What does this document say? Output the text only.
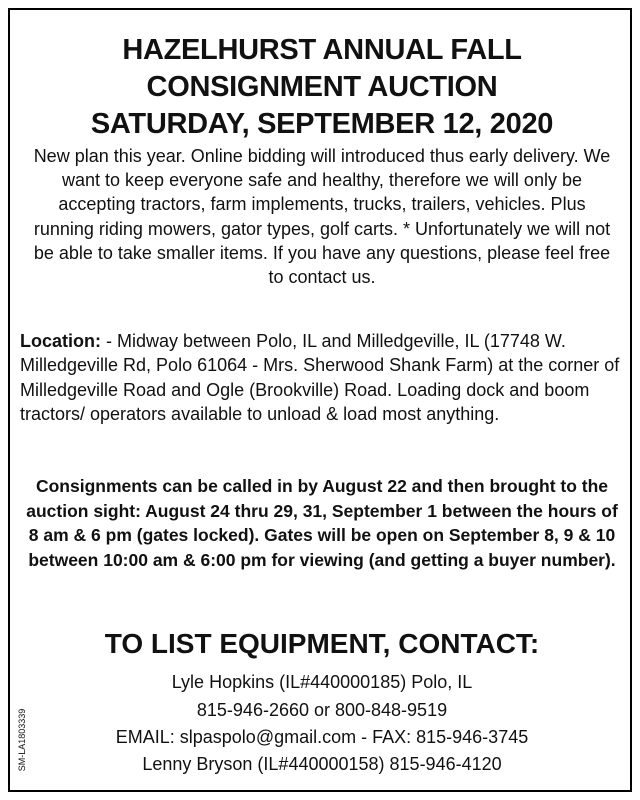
HAZELHURST ANNUAL FALL
CONSIGNMENT AUCTION
SATURDAY, SEPTEMBER 12, 2020
New plan this year. Online bidding will introduced thus early delivery. We want to keep everyone safe and healthy, therefore we will only be accepting tractors, farm implements, trucks, trailers, vehicles. Plus running riding mowers, gator types, golf carts. * Unfortunately we will not be able to take smaller items. If you have any questions, please feel free to contact us.
Location: - Midway between Polo, IL and Milledgeville, IL (17748 W. Milledgeville Rd, Polo 61064 - Mrs. Sherwood Shank Farm) at the corner of Milledgeville Road and Ogle (Brookville) Road. Loading dock and boom tractors/ operators available to unload & load most anything.
Consignments can be called in by August 22 and then brought to the auction sight: August 24 thru 29, 31, September 1 between the hours of 8 am & 6 pm (gates locked). Gates will be open on September 8, 9 & 10 between 10:00 am & 6:00 pm for viewing (and getting a buyer number).
TO LIST EQUIPMENT, CONTACT:
Lyle Hopkins (IL#440000185) Polo, IL
815-946-2660 or 800-848-9519
EMAIL: slpaspolo@gmail.com - FAX: 815-946-3745
Lenny Bryson (IL#440000158) 815-946-4120
SM-LA1803339
